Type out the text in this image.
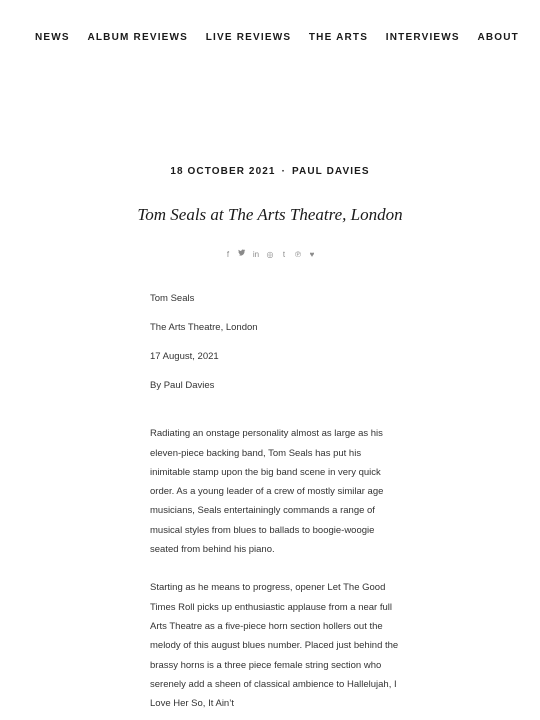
NEWS ALBUM REVIEWS LIVE REVIEWS THE ARTS INTERVIEWS ABOUT
18 OCTOBER 2021 · PAUL DAVIES
Tom Seals at The Arts Theatre, London
f	in ◎	t	℗ ♥

Tom Seals

The Arts Theatre, London

17 August, 2021

By Paul Davies

Radiating an onstage personality almost as large as his eleven-piece backing band, Tom Seals has put his inimitable stamp upon the big band scene in very quick order. As a young leader of a crew of mostly similar age musicians, Seals entertainingly commands a range of musical styles from blues to ballads to boogie-woogie seated from behind his piano.

Starting as he means to progress, opener Let The Good Times Roll picks up enthusiastic applause from a near full Arts Theatre as a five-piece horn section hollers out the melody of this august blues number. Placed just behind the brassy horns is a three piece female string section who serenely add a sheen of classical ambience to Hallelujah, I Love Her So, It Ain’t
